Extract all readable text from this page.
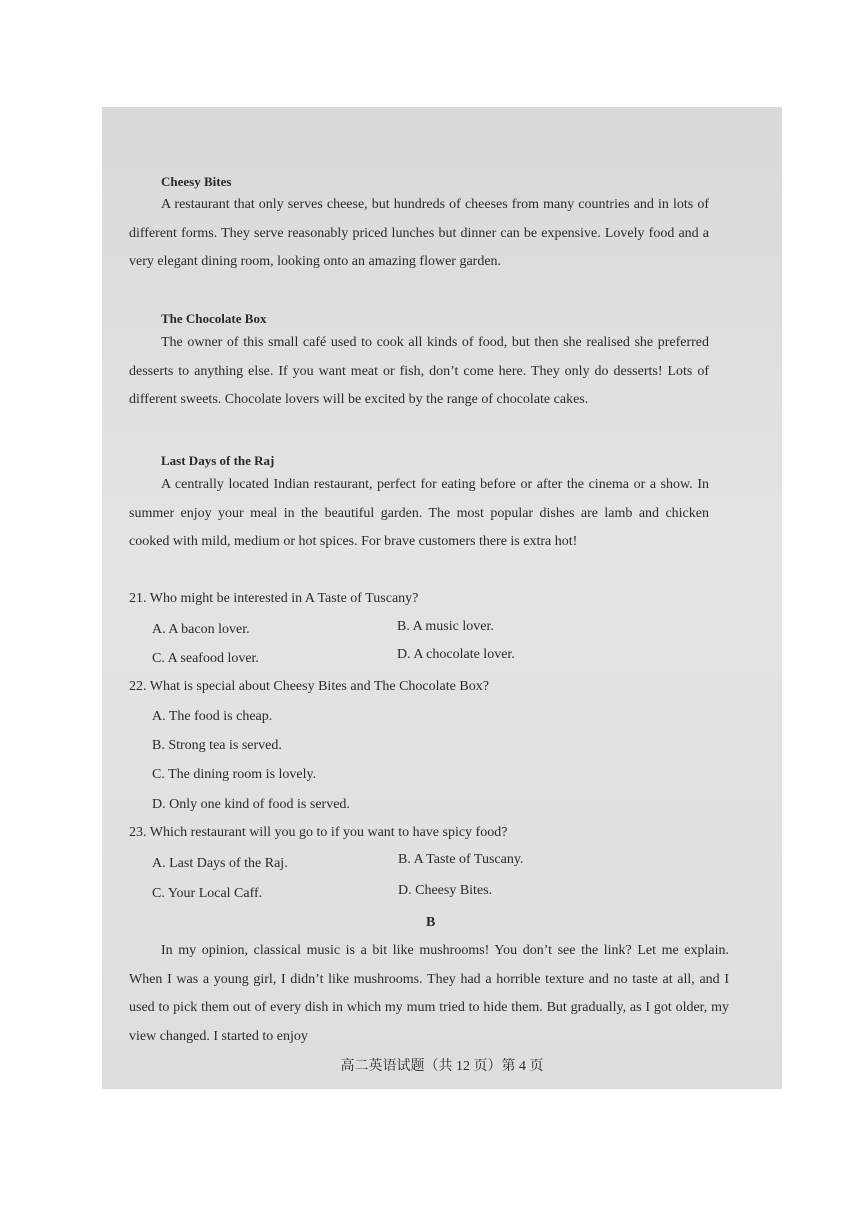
Cheesy Bites
A restaurant that only serves cheese, but hundreds of cheeses from many countries and in lots of different forms. They serve reasonably priced lunches but dinner can be expensive. Lovely food and a very elegant dining room, looking onto an amazing flower garden.
The Chocolate Box
The owner of this small café used to cook all kinds of food, but then she realised she preferred desserts to anything else. If you want meat or fish, don’t come here. They only do desserts! Lots of different sweets. Chocolate lovers will be excited by the range of chocolate cakes.
Last Days of the Raj
A centrally located Indian restaurant, perfect for eating before or after the cinema or a show. In summer enjoy your meal in the beautiful garden. The most popular dishes are lamb and chicken cooked with mild, medium or hot spices. For brave customers there is extra hot!
21. Who might be interested in A Taste of Tuscany?
A. A bacon lover.	B. A music lover.
C. A seafood lover.	D. A chocolate lover.
22. What is special about Cheesy Bites and The Chocolate Box?
A. The food is cheap.
B. Strong tea is served.
C. The dining room is lovely.
D. Only one kind of food is served.
23. Which restaurant will you go to if you want to have spicy food?
A. Last Days of the Raj.	B. A Taste of Tuscany.
C. Your Local Caff.	D. Cheesy Bites.
B
In my opinion, classical music is a bit like mushrooms! You don’t see the link? Let me explain. When I was a young girl, I didn’t like mushrooms. They had a horrible texture and no taste at all, and I used to pick them out of every dish in which my mum tried to hide them. But gradually, as I got older, my view changed. I started to enjoy
高二英语试题（共 12 页）第 4 页
